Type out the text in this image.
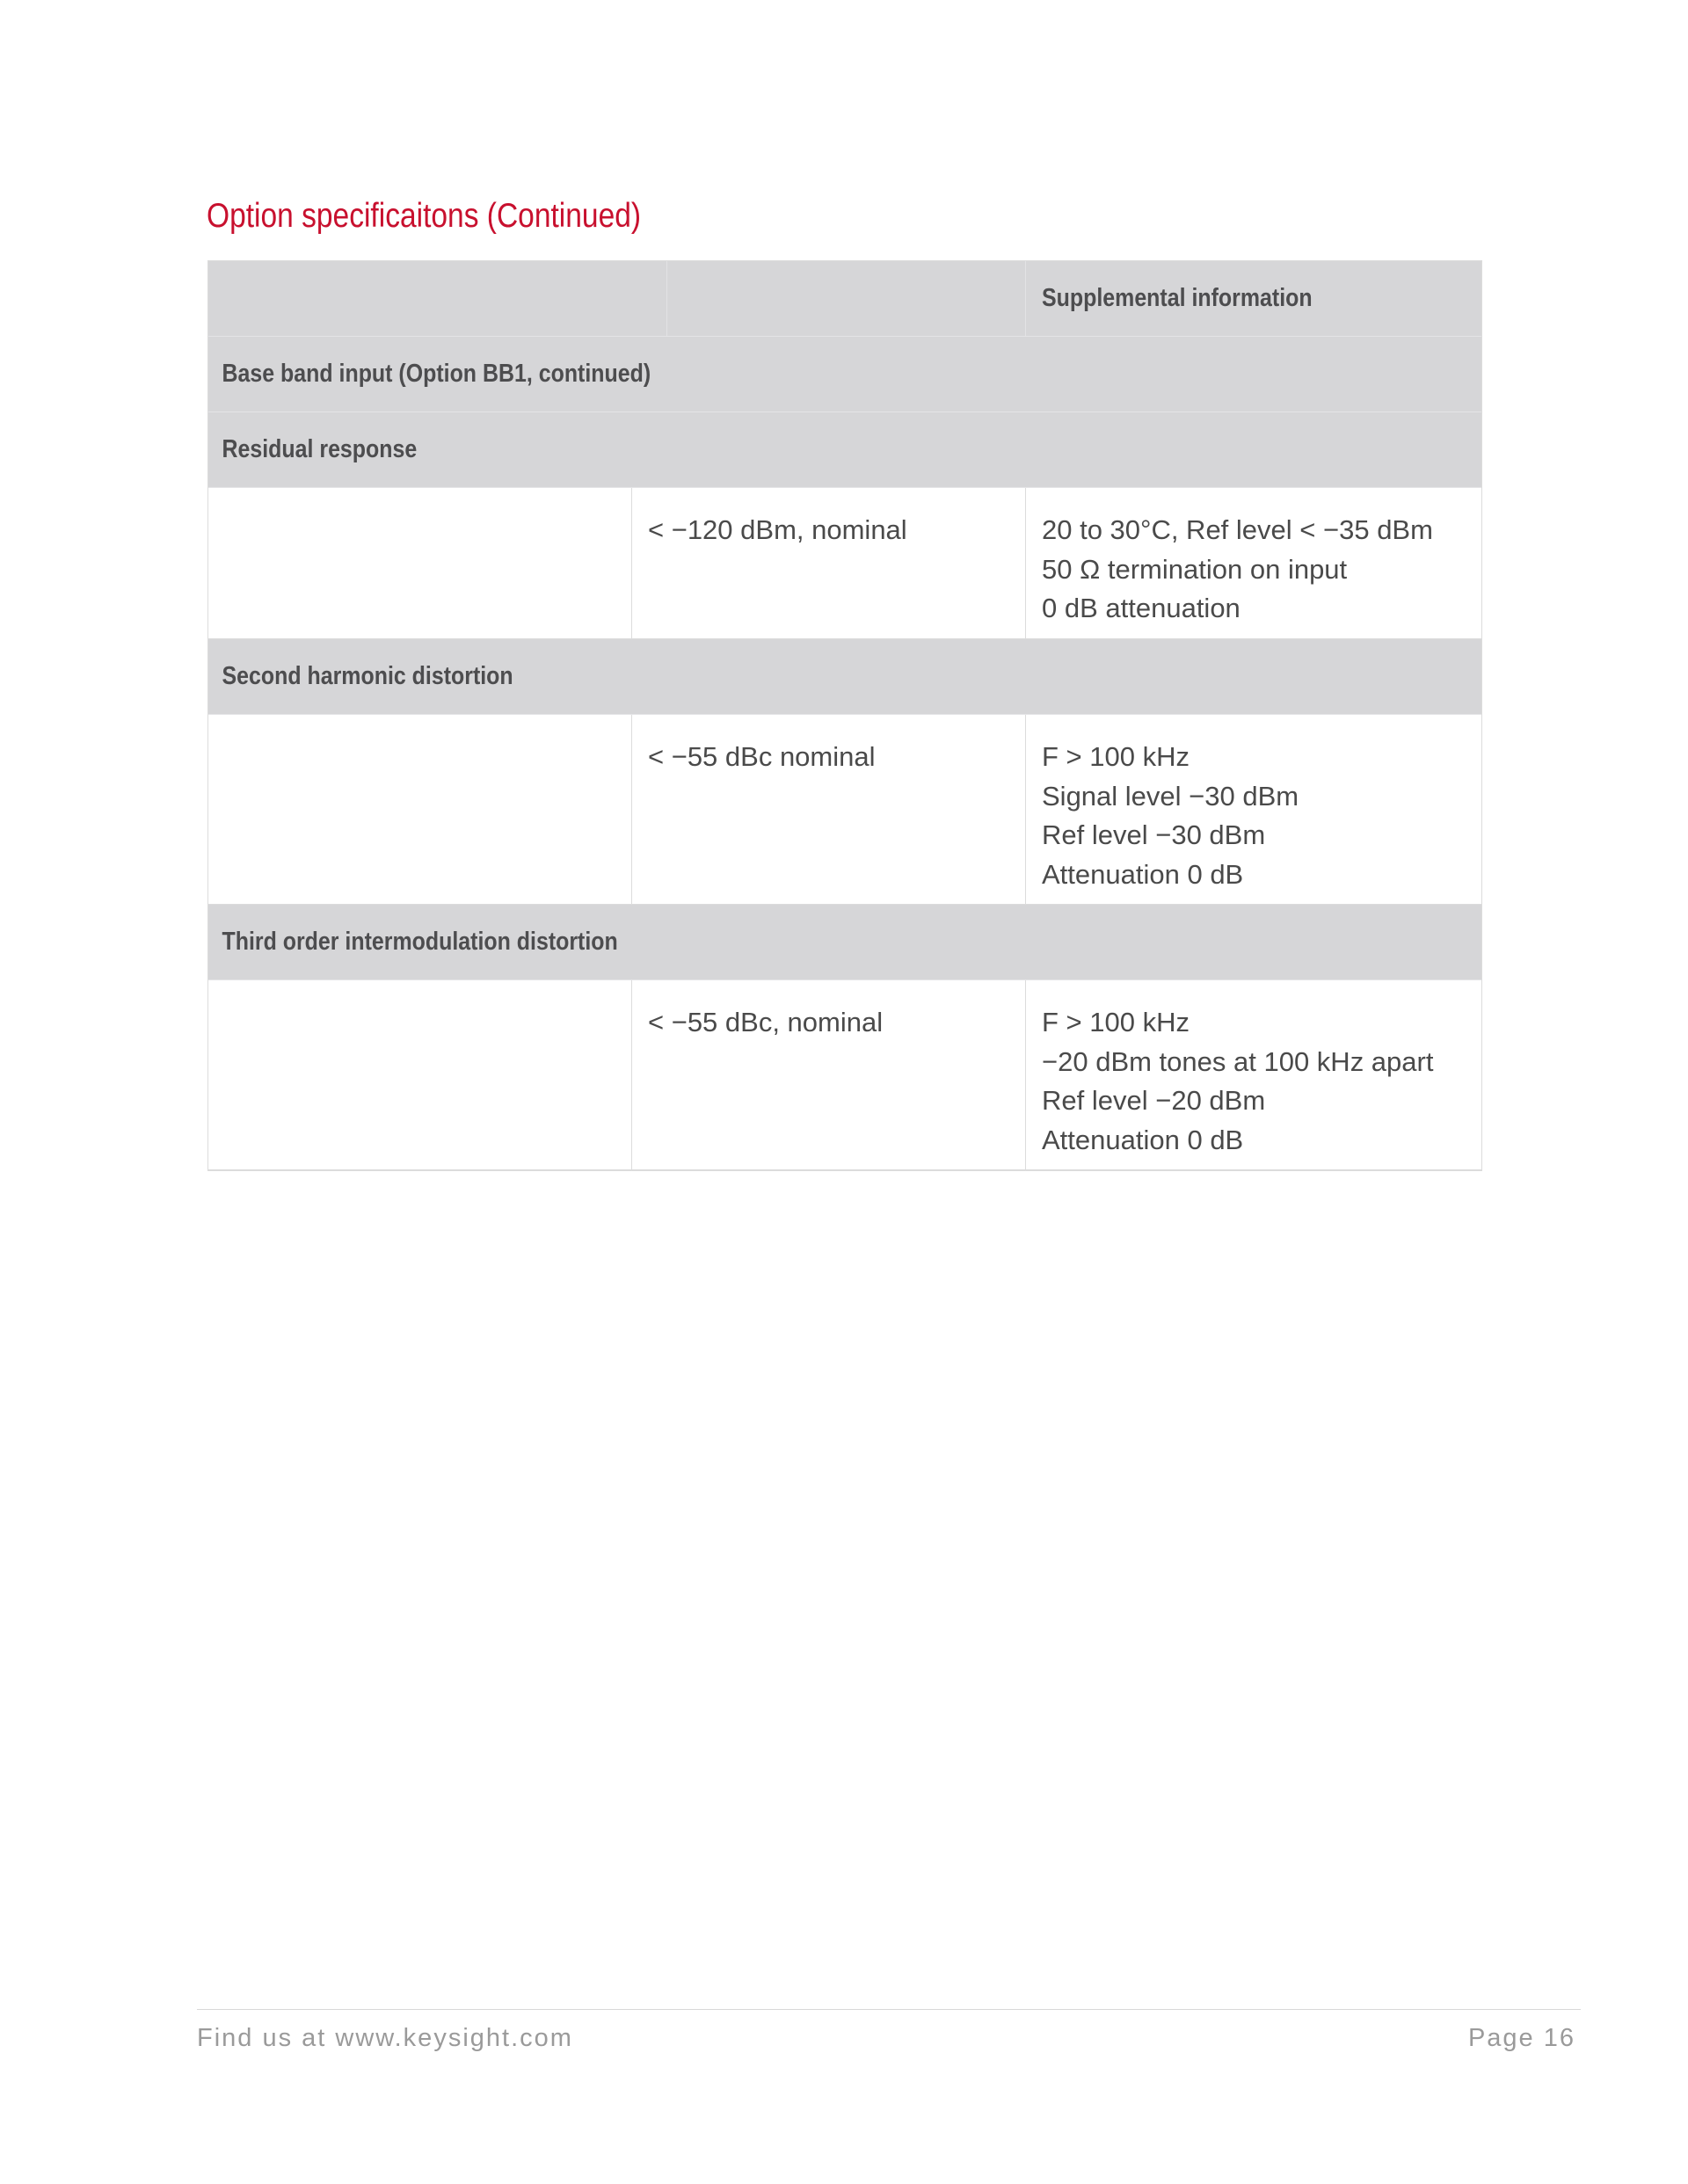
Option specificaitons (Continued)
Supplemental information
Base band input (Option BB1, continued)
Residual response
< −120 dBm, nominal	20 to 30°C, Ref level < −35 dBm
50 Ω termination on input
0 dB attenuation
Second harmonic distortion
< −55 dBc nominal	F > 100 kHz
Signal level −30 dBm
Ref level −30 dBm
Attenuation 0 dB
Third order intermodulation distortion
< −55 dBc, nominal	F > 100 kHz
−20 dBm tones at 100 kHz apart
Ref level −20 dBm
Attenuation 0 dB
Find us at www.keysight.com	Page 16
